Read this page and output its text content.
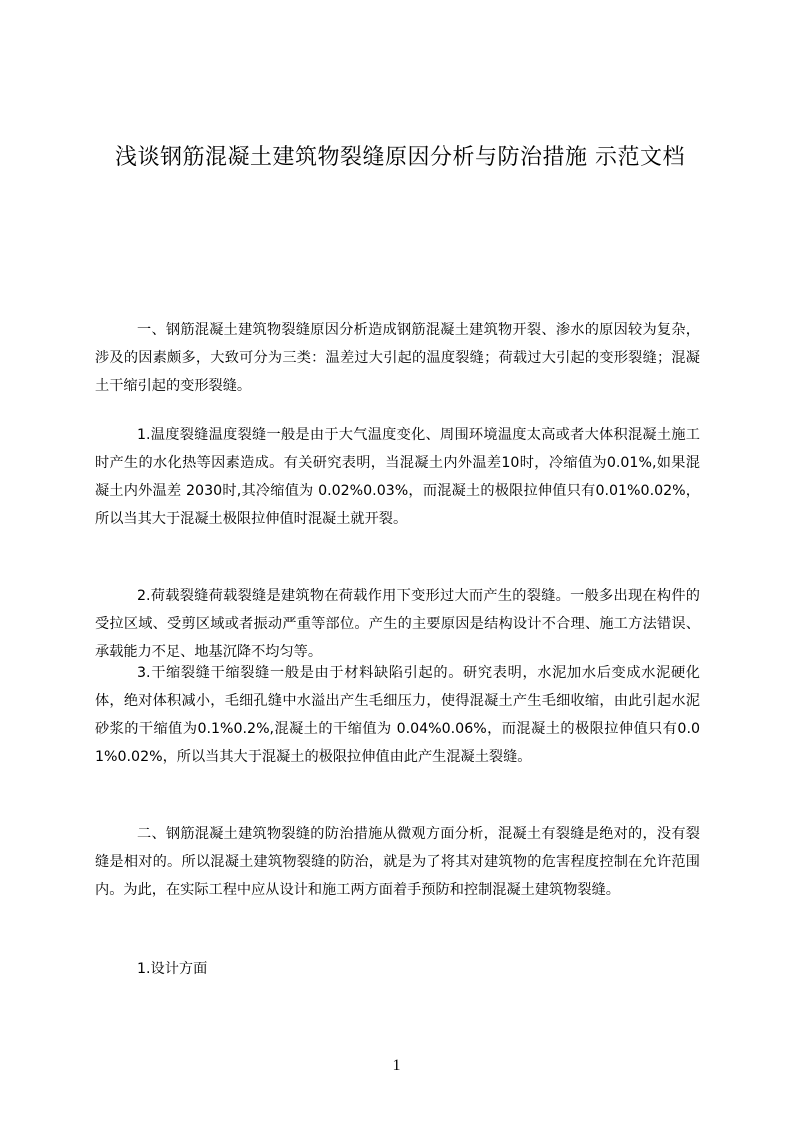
浅谈钢筋混凝土建筑物裂缝原因分析与防治措施 示范文档

一、钢筋混凝土建筑物裂缝原因分析造成钢筋混凝土建筑物开裂、渗水的原因较为复杂，涉及的因素颇多，大致可分为三类：温差过大引起的温度裂缝；荷载过大引起的变形裂缝；混凝土干缩引起的变形裂缝。

1.温度裂缝温度裂缝一般是由于大气温度变化、周围环境温度太高或者大体积混凝土施工时产生的水化热等因素造成。有关研究表明，当混凝土内外温差10时，冷缩值为0.01%,如果混凝土内外温差 2030时,其冷缩值为 0.02%0.03%，而混凝土的极限拉伸值只有0.01%0.02%，所以当其大于混凝土极限拉伸值时混凝土就开裂。

2.荷载裂缝荷载裂缝是建筑物在荷载作用下变形过大而产生的裂缝。一般多出现在构件的受拉区域、受剪区域或者振动严重等部位。产生的主要原因是结构设计不合理、施工方法错误、承载能力不足、地基沉降不均匀等。

3.干缩裂缝干缩裂缝一般是由于材料缺陷引起的。研究表明，水泥加水后变成水泥硬化体，绝对体积减小，毛细孔缝中水溢出产生毛细压力，使得混凝土产生毛细收缩，由此引起水泥砂浆的干缩值为0.1%0.2%,混凝土的干缩值为 0.04%0.06%，而混凝土的极限拉伸值只有0.01%0.02%，所以当其大于混凝土的极限拉伸值由此产生混凝土裂缝。

二、钢筋混凝土建筑物裂缝的防治措施从微观方面分析，混凝土有裂缝是绝对的，没有裂缝是相对的。所以混凝土建筑物裂缝的防治，就是为了将其对建筑物的危害程度控制在允许范围内。为此，在实际工程中应从设计和施工两方面着手预防和控制混凝土建筑物裂缝。

1.设计方面

1
